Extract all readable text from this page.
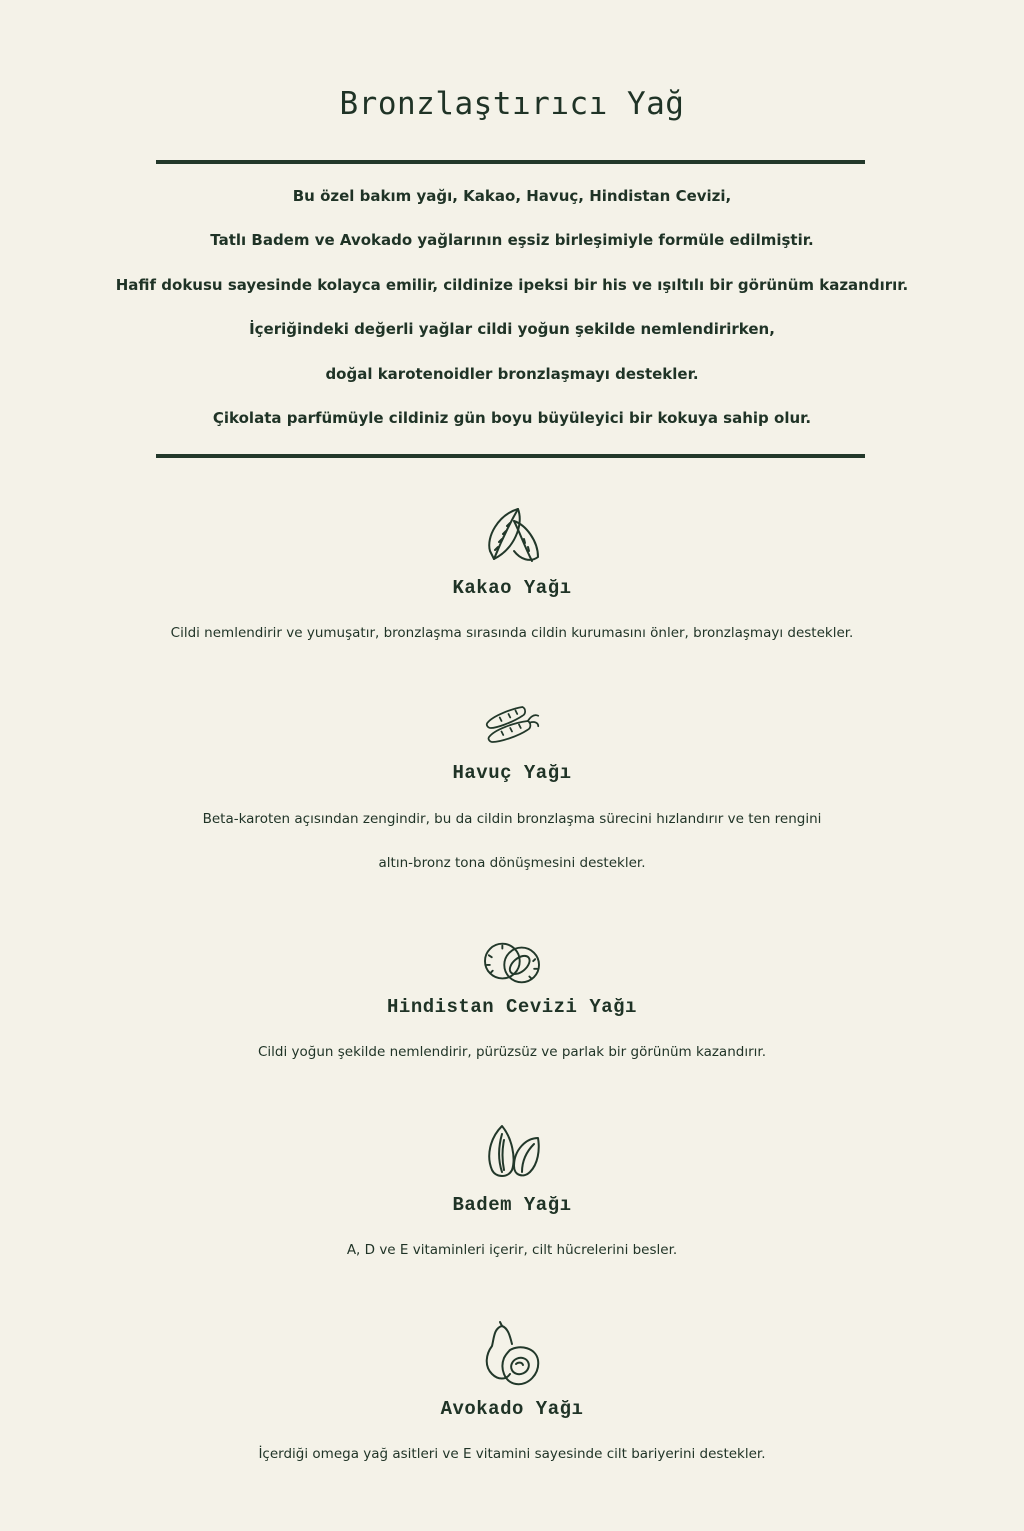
Bronzlaştırıcı Yağ

Bu özel bakım yağı, Kakao, Havuç, Hindistan Cevizi,

Tatlı Badem ve Avokado yağlarının eşsiz birleşimiyle formüle edilmiştir.

Hafif dokusu sayesinde kolayca emilir, cildinize ipeksi bir his ve ışıltılı bir görünüm kazandırır.

İçeriğindeki değerli yağlar cildi yoğun şekilde nemlendirirken,

doğal karotenoidler bronzlaşmayı destekler.

Çikolata parfümüyle cildiniz gün boyu büyüleyici bir kokuya sahip olur.

Kakao Yağı

Cildi nemlendirir ve yumuşatır, bronzlaşma sırasında cildin kurumasını önler, bronzlaşmayı destekler.

Havuç Yağı

Beta-karoten açısından zengindir, bu da cildin bronzlaşma sürecini hızlandırır ve ten rengini

altın-bronz tona dönüşmesini destekler.

Hindistan Cevizi Yağı

Cildi yoğun şekilde nemlendirir, pürüzsüz ve parlak bir görünüm kazandırır.

Badem Yağı

A, D ve E vitaminleri içerir, cilt hücrelerini besler.

Avokado Yağı

İçerdiği omega yağ asitleri ve E vitamini sayesinde cilt bariyerini destekler.
